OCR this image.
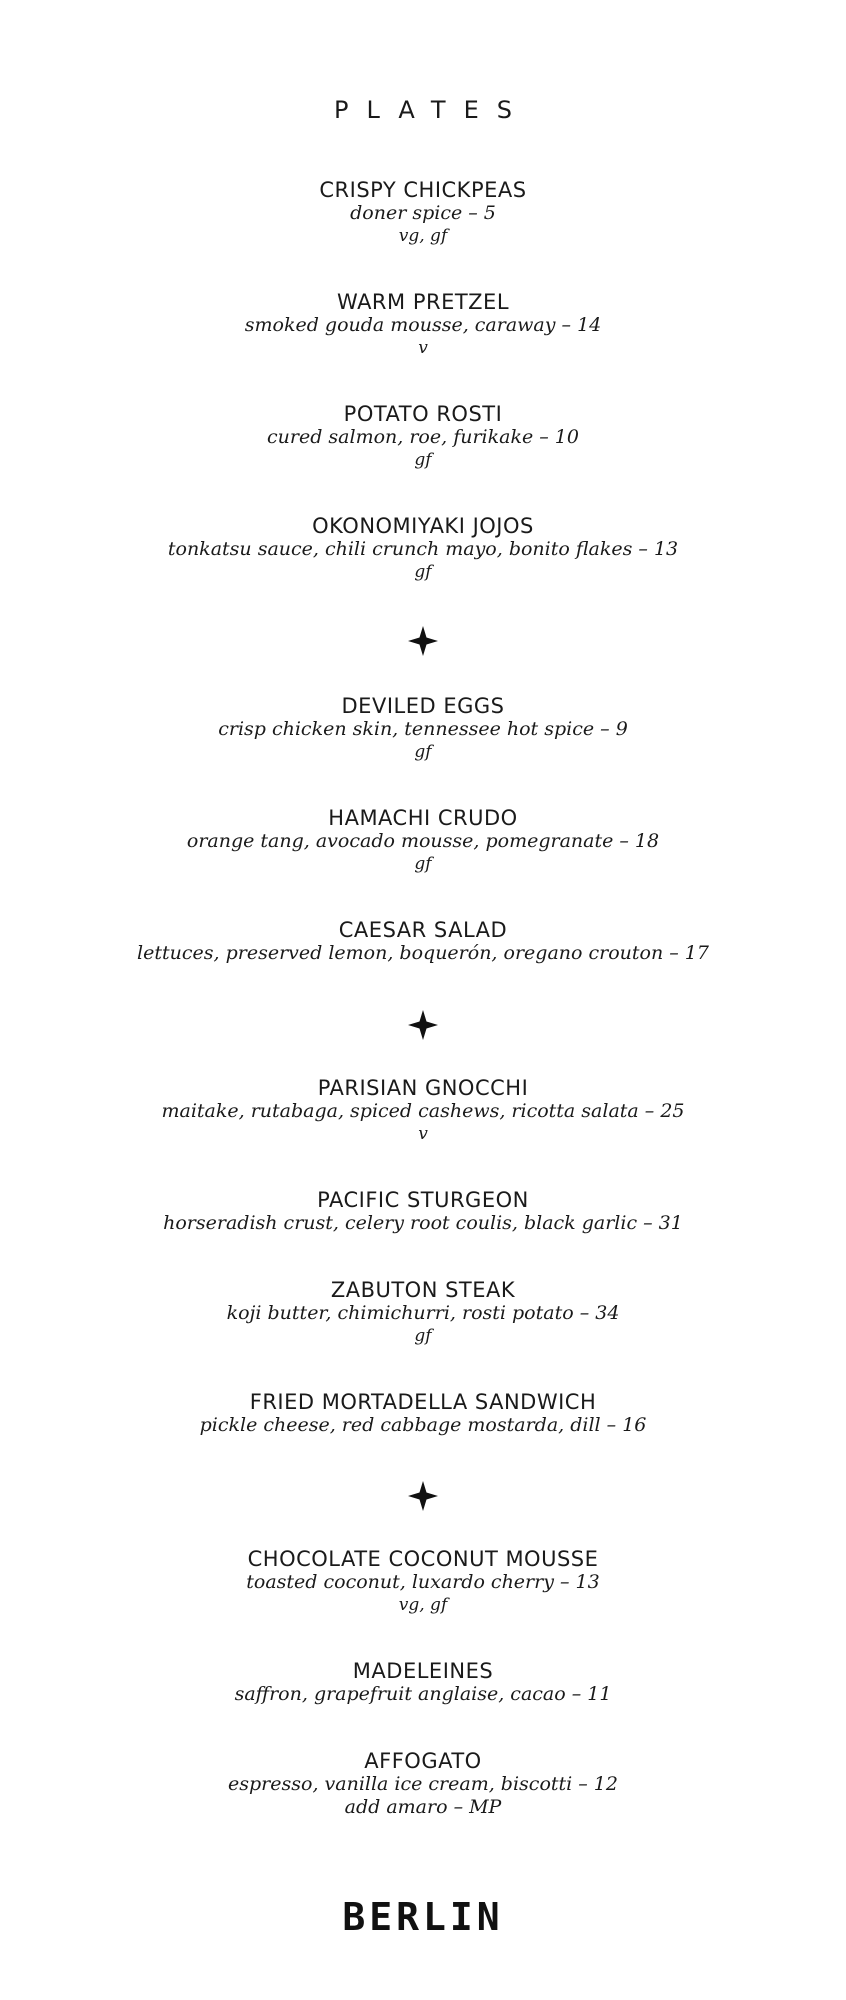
PLATES
CRISPY CHICKPEAS
doner spice – 5
vg, gf
WARM PRETZEL
smoked gouda mousse, caraway – 14
v
POTATO ROSTI
cured salmon, roe, furikake – 10
gf
OKONOMIYAKI JOJOS
tonkatsu sauce, chili crunch mayo, bonito flakes – 13
gf
DEVILED EGGS
crisp chicken skin, tennessee hot spice – 9
gf
HAMACHI CRUDO
orange tang, avocado mousse, pomegranate – 18
gf
CAESAR SALAD
lettuces, preserved lemon, boquerón, oregano crouton – 17
PARISIAN GNOCCHI
maitake, rutabaga, spiced cashews, ricotta salata – 25
v
PACIFIC STURGEON
horseradish crust, celery root coulis, black garlic – 31
ZABUTON STEAK
koji butter, chimichurri, rosti potato – 34
gf
FRIED MORTADELLA SANDWICH
pickle cheese, red cabbage mostarda, dill – 16
CHOCOLATE COCONUT MOUSSE
toasted coconut, luxardo cherry – 13
vg, gf
MADELEINES
saffron, grapefruit anglaise, cacao – 11
AFFOGATO
espresso, vanilla ice cream, biscotti – 12
add amaro – MP
BERLIN
